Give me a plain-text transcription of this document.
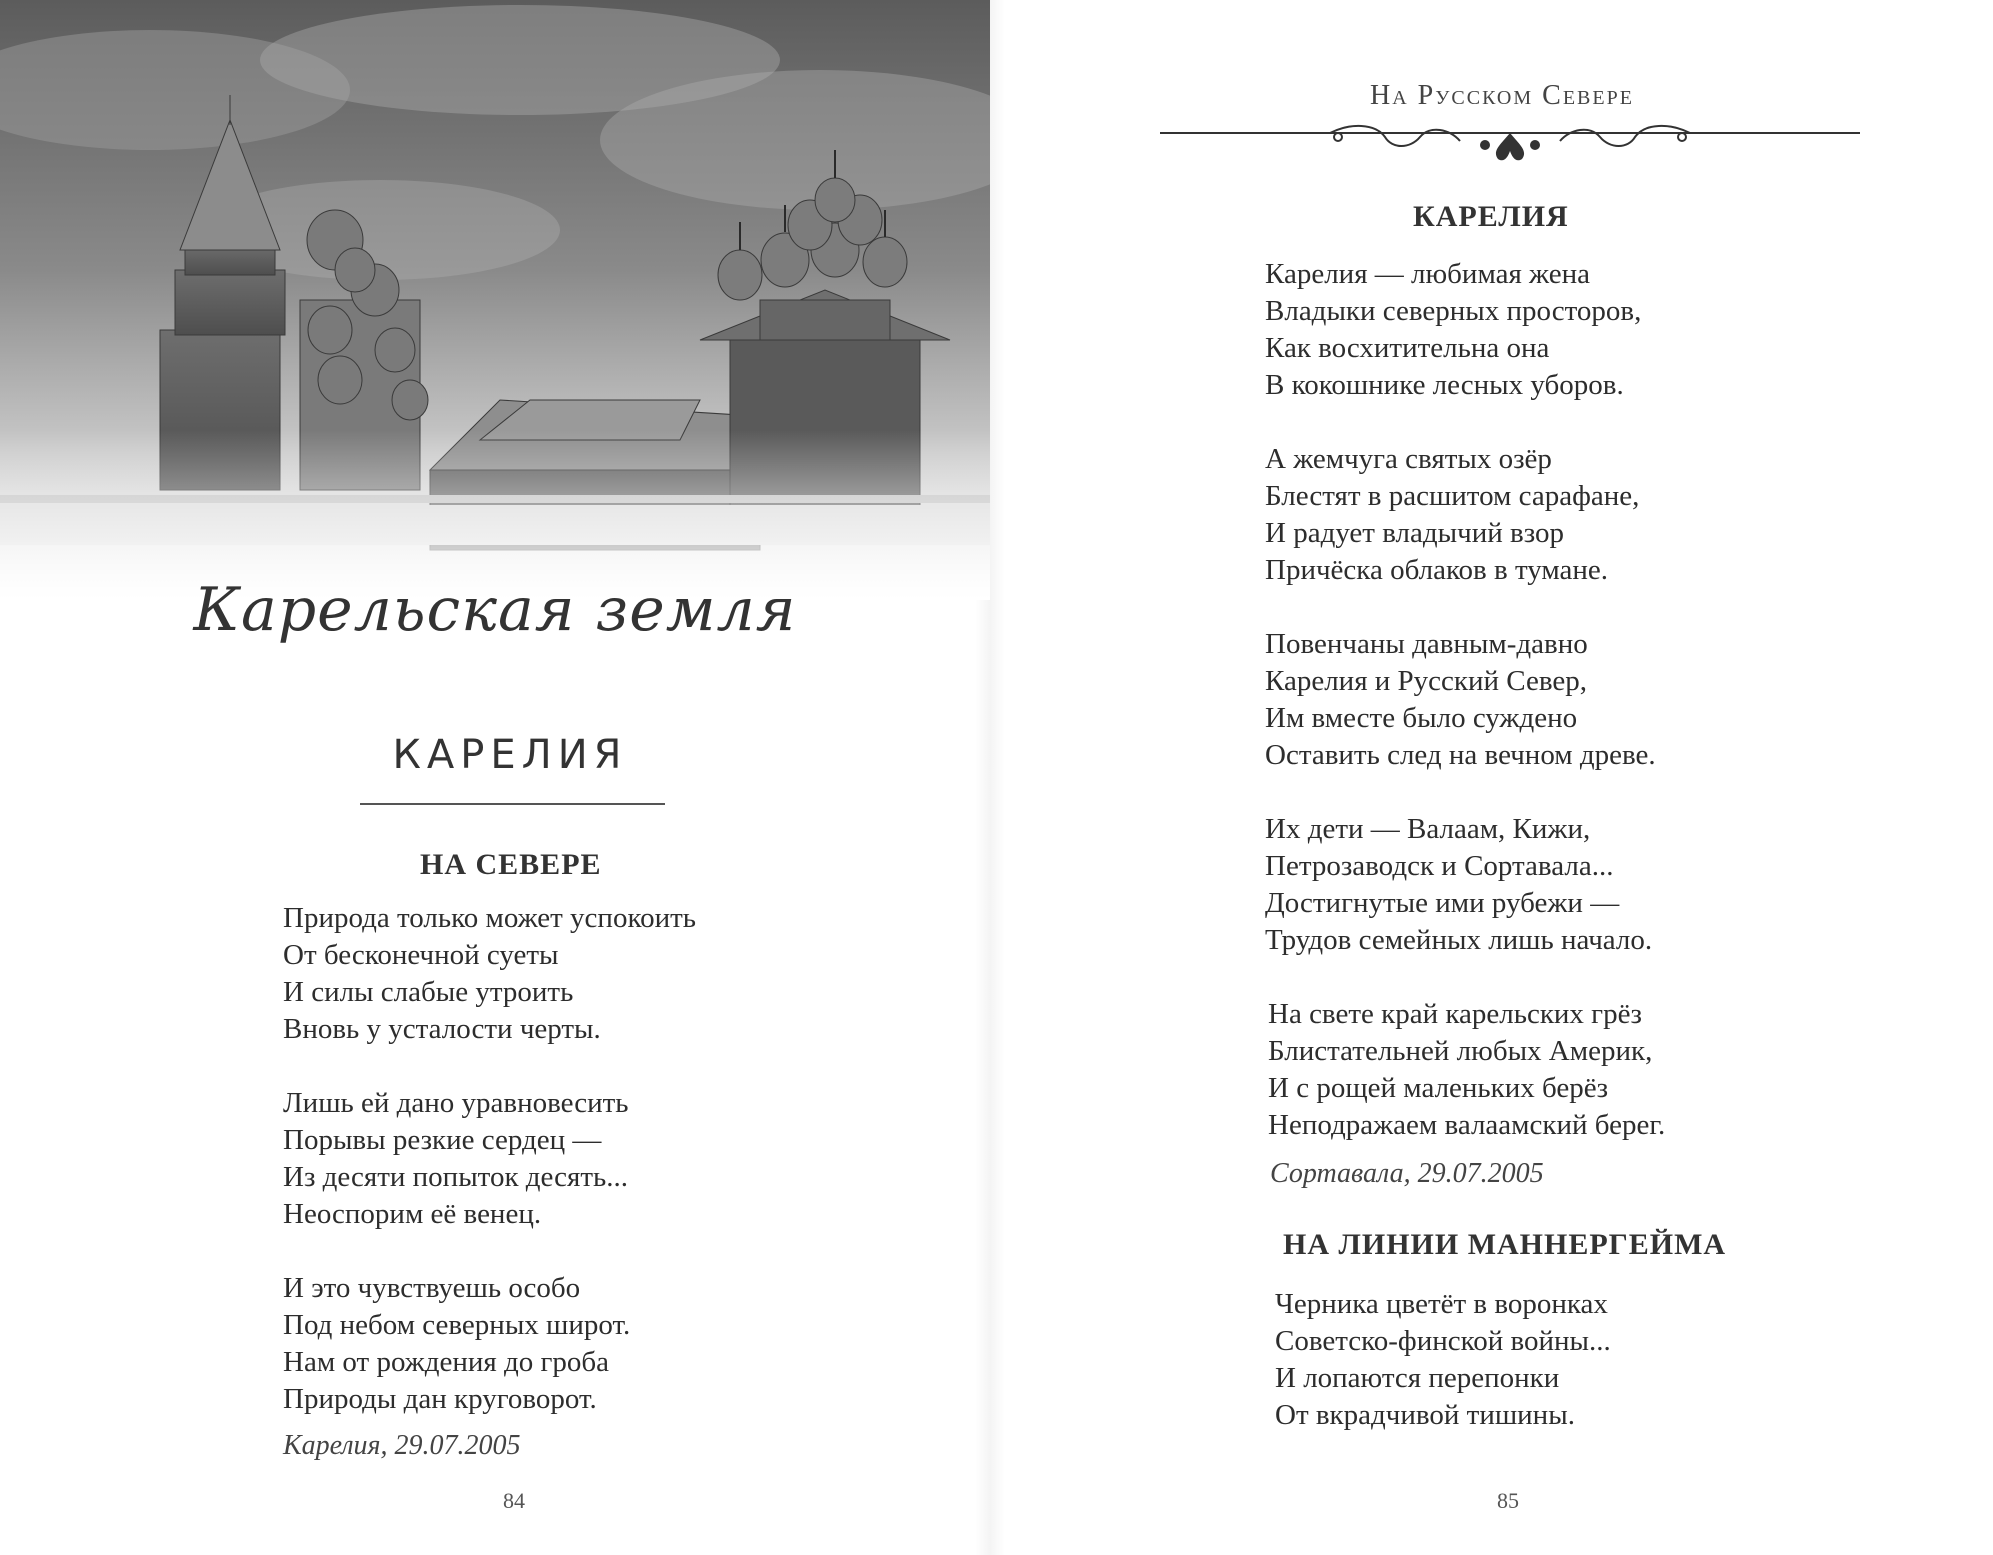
Карельская земля
КАРЕЛИЯ
НА СЕВЕРЕ
Природа только может успокоить
От бесконечной суеты
И силы слабые утроить
Вновь у усталости черты.
Лишь ей дано уравновесить
Порывы резкие сердец —
Из десяти попыток десять...
Неоспорим её венец.
И это чувствуешь особо
Под небом северных широт.
Нам от рождения до гроба
Природы дан круговорот.
Карелия, 29.07.2005
84
На Русском Севере
КАРЕЛИЯ
Карелия — любимая жена
Владыки северных просторов,
Как восхитительна она
В кокошнике лесных уборов.
А жемчуга святых озёр
Блестят в расшитом сарафане,
И радует владычий взор
Причёска облаков в тумане.
Повенчаны давным-давно
Карелия и Русский Север,
Им вместе было суждено
Оставить след на вечном древе.
Их дети — Валаам, Кижи,
Петрозаводск и Сортавала...
Достигнутые ими рубежи —
Трудов семейных лишь начало.
На свете край карельских грёз
Блистательней любых Америк,
И с рощей маленьких берёз
Неподражаем валаамский берег.
Сортавала, 29.07.2005
НА ЛИНИИ МАННЕРГЕЙМА
Черника цветёт в воронках
Советско-финской войны...
И лопаются перепонки
От вкрадчивой тишины.
85
